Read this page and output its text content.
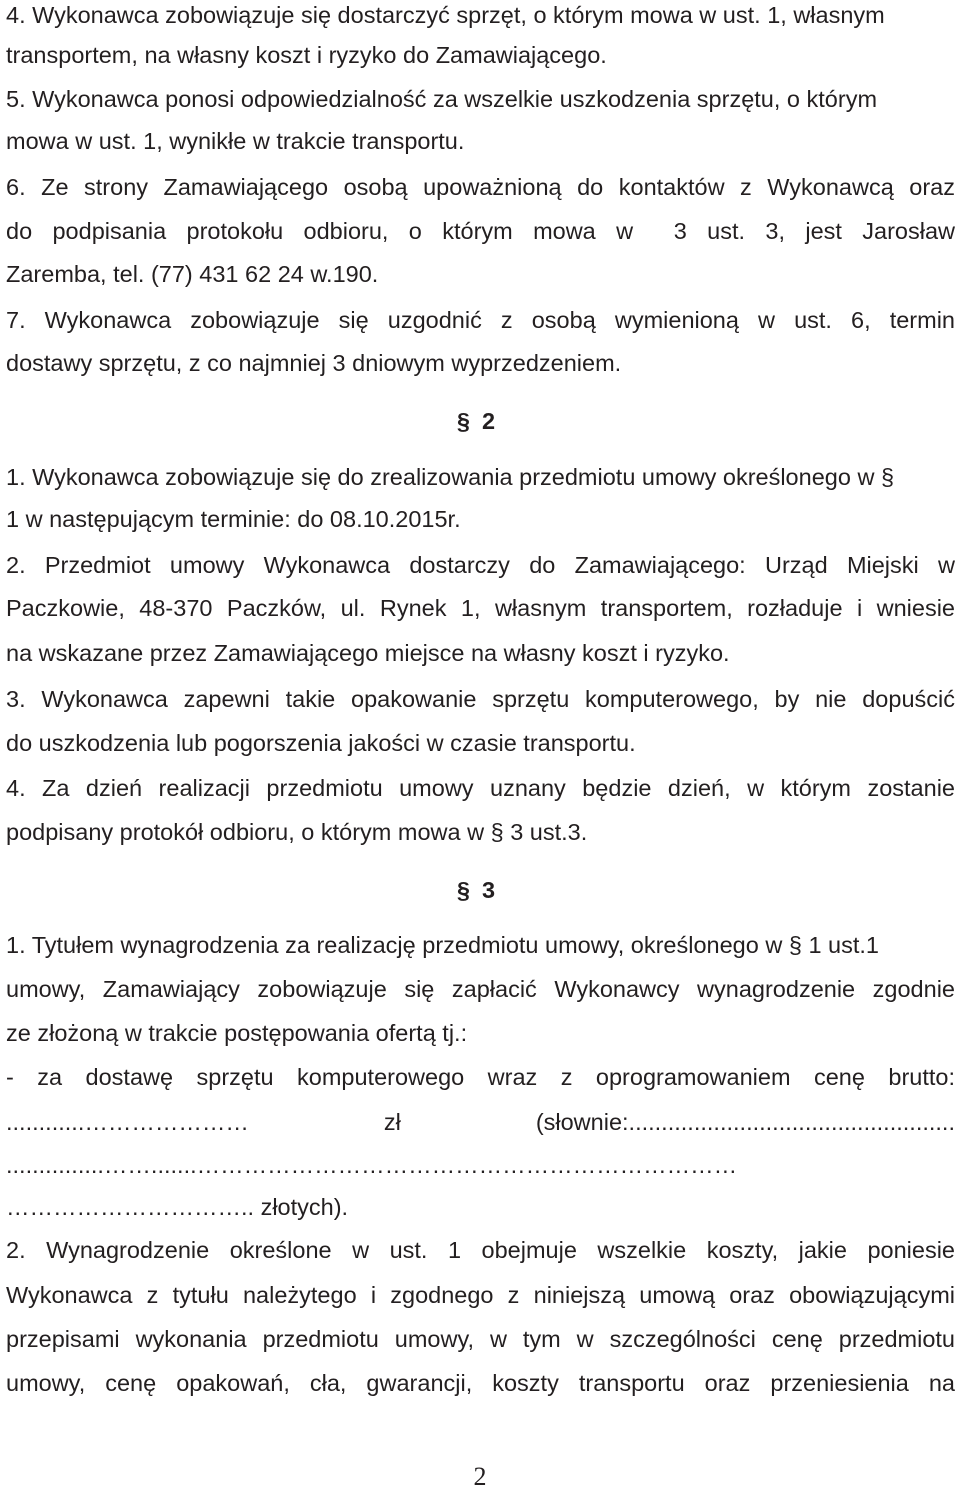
4. Wykonawca zobowiązuje się dostarczyć sprzęt, o którym mowa w ust. 1, własnym
transportem, na własny koszt i ryzyko do Zamawiającego.
5. Wykonawca ponosi odpowiedzialność za wszelkie uszkodzenia sprzętu, o którym
mowa w ust. 1, wynikłe w trakcie transportu.
6. Ze strony Zamawiającego osobą upoważnioną do kontaktów z Wykonawcą oraz
do podpisania protokołu odbioru, o którym mowa w  3 ust. 3, jest Jarosław
Zaremba, tel. (77) 431 62 24 w.190.
7. Wykonawca zobowiązuje się uzgodnić z osobą wymienioną w ust. 6, termin
dostawy sprzętu, z co najmniej 3 dniowym wyprzedzeniem.
§ 2
1. Wykonawca zobowiązuje się do zrealizowania przedmiotu umowy określonego w §
1 w następującym terminie: do 08.10.2015r.
2. Przedmiot umowy Wykonawca dostarczy do Zamawiającego: Urząd Miejski w
Paczkowie, 48-370 Paczków, ul. Rynek 1, własnym transportem, rozładuje i wniesie
na wskazane przez Zamawiającego miejsce na własny koszt i ryzyko.
3. Wykonawca zapewni takie opakowanie sprzętu komputerowego, by nie dopuścić
do uszkodzenia lub pogorszenia jakości w czasie transportu.
4. Za dzień realizacji przedmiotu umowy uznany będzie dzień, w którym zostanie
podpisany protokół odbioru, o którym mowa w § 3 ust.3.
§ 3
1. Tytułem wynagrodzenia za realizację przedmiotu umowy, określonego w § 1 ust.1
umowy, Zamawiający zobowiązuje się zapłacić Wykonawcy wynagrodzenie zgodnie
ze złożoną w trakcie postępowania ofertą tj.:
- za dostawę sprzętu komputerowego wraz z oprogramowaniem cenę brutto:
............………………… zł (słownie:..................................................
...............…….......……………………………………………………………
………………………….. złotych).
2. Wynagrodzenie określone w ust. 1 obejmuje wszelkie koszty, jakie poniesie
Wykonawca z tytułu należytego i zgodnego z niniejszą umową oraz obowiązującymi
przepisami wykonania przedmiotu umowy, w tym w szczególności cenę przedmiotu
umowy, cenę opakowań, cła, gwarancji, koszty transportu oraz przeniesienia na
2
